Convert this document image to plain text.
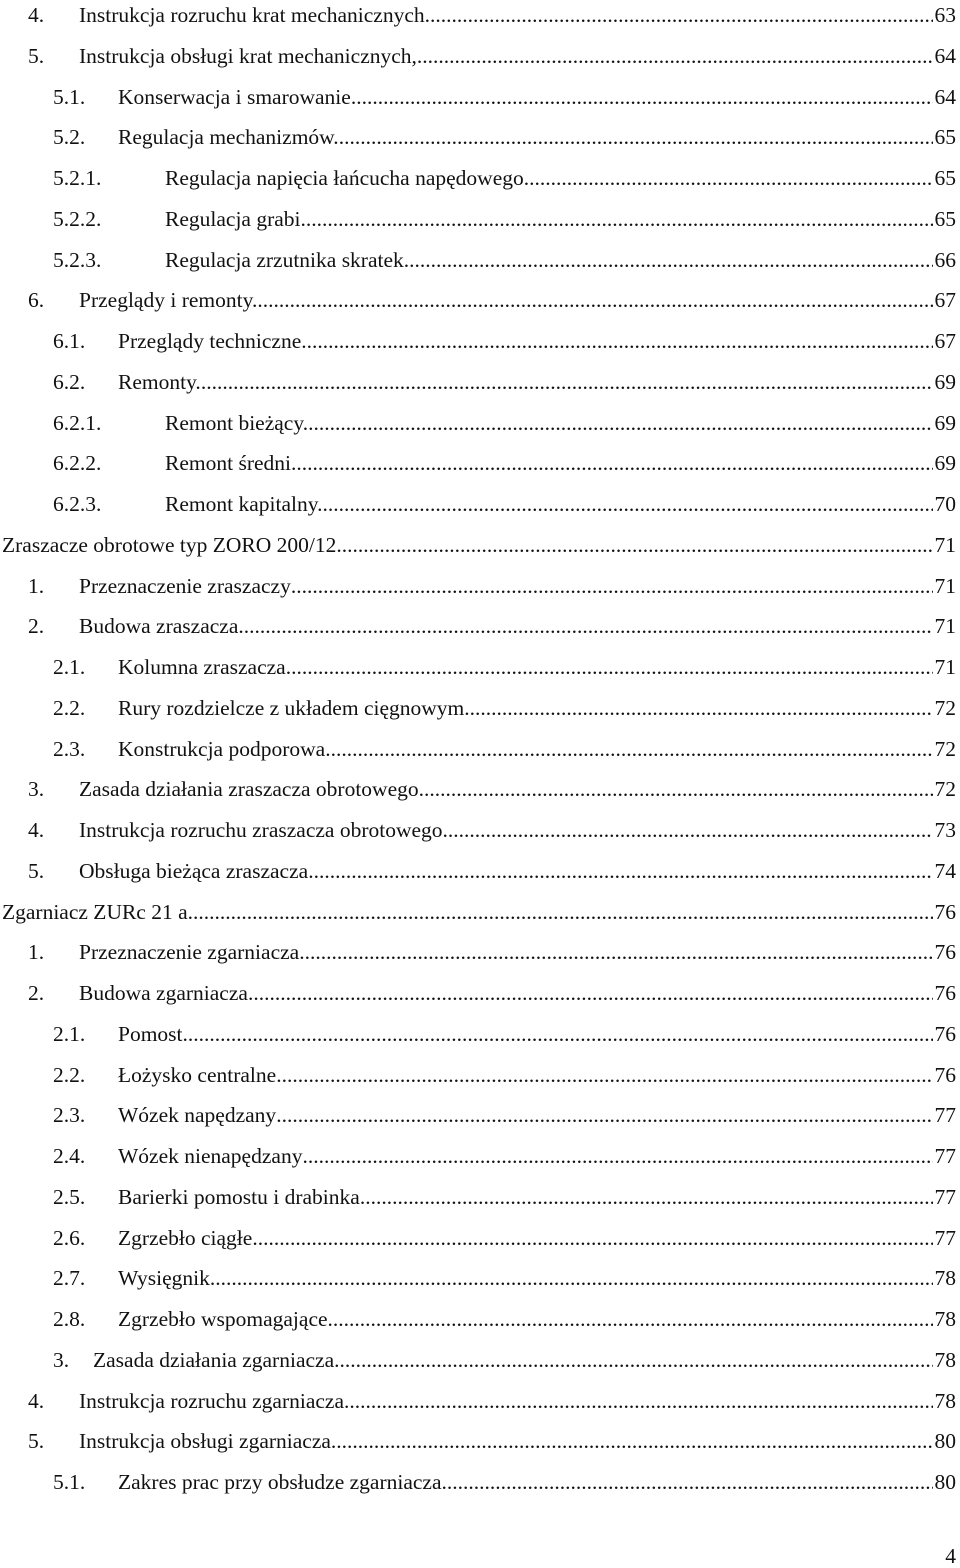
4. Instrukcja rozruchu krat mechanicznych .....	63
5. Instrukcja obsługi krat mechanicznych, .....	64
5.1. Konserwacja i smarowanie .....	64
5.2. Regulacja mechanizmów. .....	65
5.2.1.	Regulacja napięcia łańcucha napędowego. .....	65
5.2.2.	Regulacja grabi. .....	65
5.2.3.	Regulacja zrzutnika skratek. .....	66
6. Przeglądy i remonty. .....	67
6.1. Przeglądy techniczne. .....	67
6.2. Remonty. .....	69
6.2.1.	Remont bieżący. .....	69
6.2.2.	Remont średni. .....	69
6.2.3.	Remont kapitalny. .....	70
Zraszacze obrotowe typ ZORO 200/12 .....	71
1. Przeznaczenie zraszaczy .....	71
2. Budowa zraszacza .....	71
2.1. Kolumna zraszacza .....	71
2.2. Rury rozdzielcze z układem cięgnowym .....	72
2.3. Konstrukcja podporowa .....	72
3. Zasada działania zraszacza obrotowego .....	72
4. Instrukcja rozruchu zraszacza obrotowego .....	73
5. Obsługa bieżąca zraszacza .....	74
Zgarniacz ZURc 21 a .....	76
1. Przeznaczenie zgarniacza .....	76
2. Budowa zgarniacza .....	76
2.1. Pomost .....	76
2.2. Łożysko centralne .....	76
2.3. Wózek napędzany .....	77
2.4. Wózek nienapędzany .....	77
2.5. Barierki pomostu i drabinka .....	77
2.6. Zgrzebło ciągłe .....	77
2.7. Wysięgnik .....	78
2.8. Zgrzebło wspomagające .....	78
3. Zasada działania zgarniacza .....	78
4. Instrukcja rozruchu zgarniacza .....	78
5. Instrukcja obsługi zgarniacza .....	80
5.1. Zakres prac przy obsłudze zgarniacza .....	80
4
